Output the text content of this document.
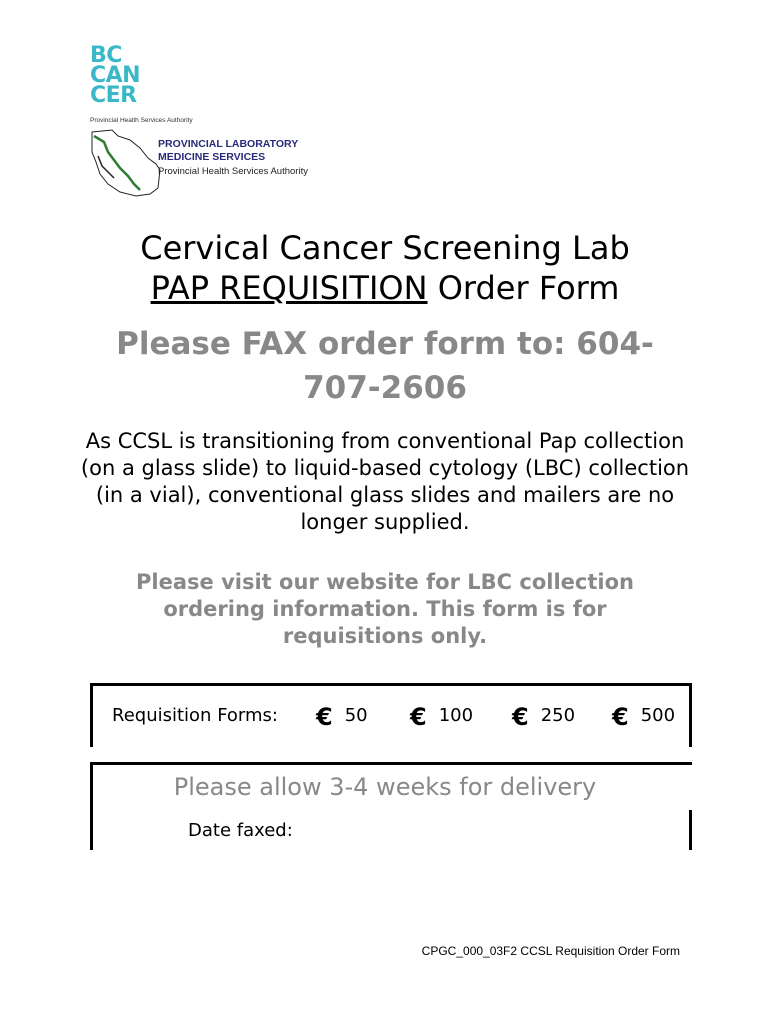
BC
CAN
CER
Provincial Health Services Authority
PROVINCIAL LABORATORY
MEDICINE SERVICES
Provincial Health Services Authority
Cervical Cancer Screening Lab
PAP REQUISITION Order Form
Please FAX order form to: 604-707-2606
As CCSL is transitioning from conventional Pap collection (on a glass slide) to liquid-based cytology (LBC) collection (in a vial), conventional glass slides and mailers are no longer supplied.
Please visit our website for LBC collection ordering information. This form is for requisitions only.
Requisition Forms: € 50 € 100 € 250 € 500
Please allow 3-4 weeks for delivery
Date faxed:
CPGC_000_03F2 CCSL Requisition Order Form
